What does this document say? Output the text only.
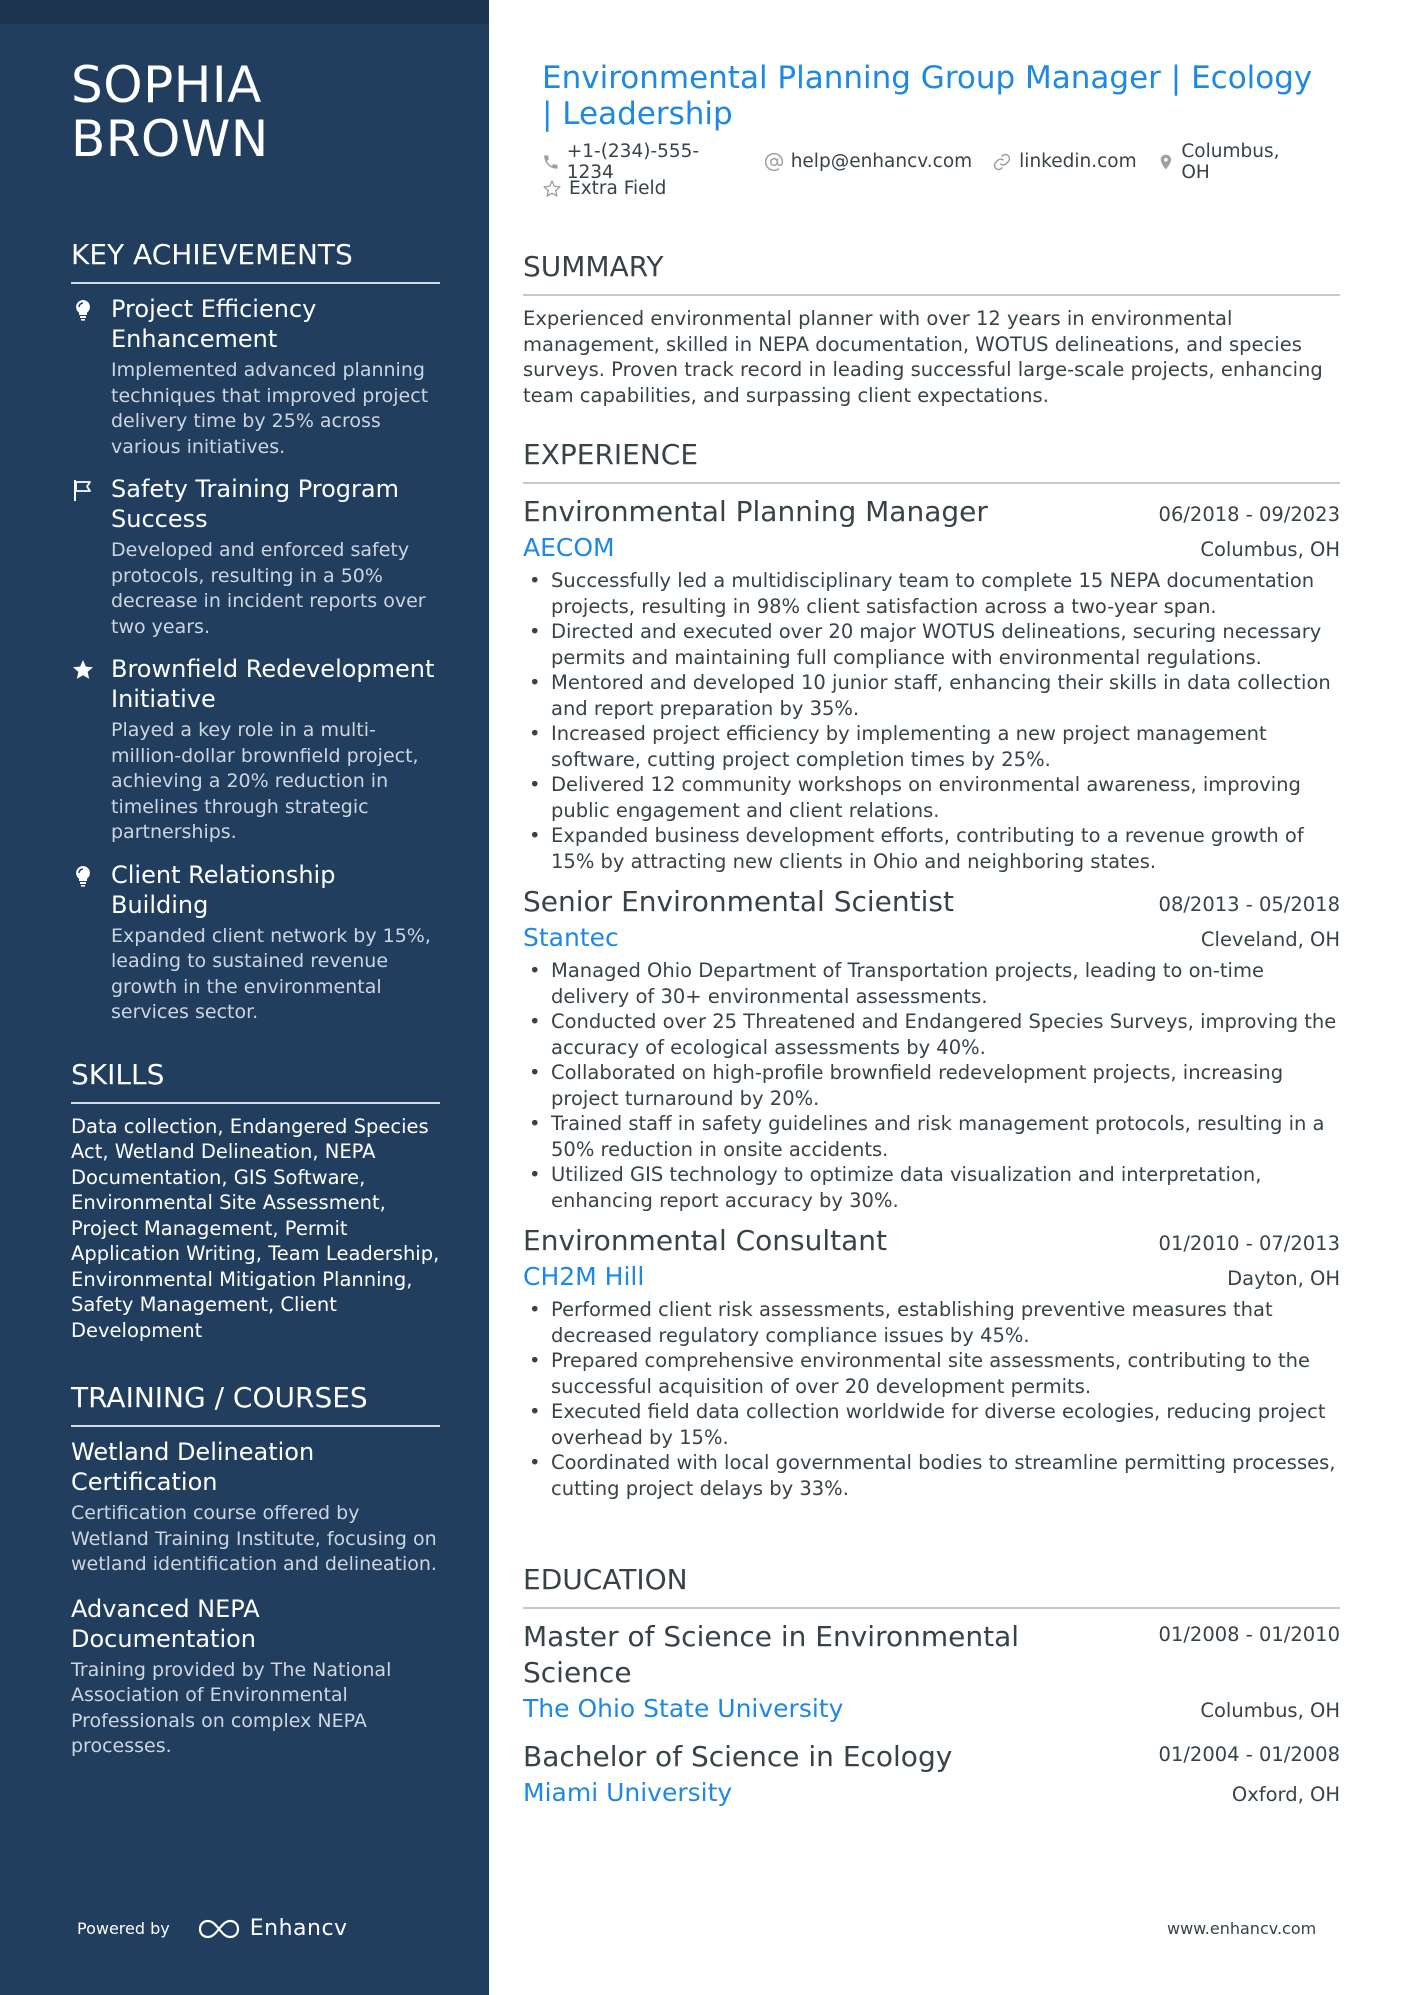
SOPHIA
BROWN
KEY ACHIEVEMENTS
Project Efficiency Enhancement
Implemented advanced planning techniques that improved project delivery time by 25% across various initiatives.
Safety Training Program Success
Developed and enforced safety protocols, resulting in a 50% decrease in incident reports over two years.
Brownfield Redevelopment Initiative
Played a key role in a multi-million-dollar brownfield project, achieving a 20% reduction in timelines through strategic partnerships.
Client Relationship Building
Expanded client network by 15%, leading to sustained revenue growth in the environmental services sector.
SKILLS
Data collection, Endangered Species Act, Wetland Delineation, NEPA Documentation, GIS Software, Environmental Site Assessment, Project Management, Permit Application Writing, Team Leadership, Environmental Mitigation Planning, Safety Management, Client Development
TRAINING / COURSES
Wetland Delineation Certification
Certification course offered by Wetland Training Institute, focusing on wetland identification and delineation.
Advanced NEPA Documentation
Training provided by The National Association of Environmental Professionals on complex NEPA processes.
Powered by	Enhancv
Environmental Planning Group Manager | Ecology | Leadership
+1-(234)-555-1234	help@enhancv.com	linkedin.com Columbus, OH
Extra Field
SUMMARY

Experienced environmental planner with over 12 years in environmental management, skilled in NEPA documentation, WOTUS delineations, and species surveys. Proven track record in leading successful large-scale projects, enhancing team capabilities, and surpassing client expectations.

EXPERIENCE
Environmental Planning Manager	06/2018 - 09/2023
AECOM	Columbus, OH
• Successfully led a multidisciplinary team to complete 15 NEPA documentation projects, resulting in 98% client satisfaction across a two-year span.
• Directed and executed over 20 major WOTUS delineations, securing necessary permits and maintaining full compliance with environmental regulations.
• Mentored and developed 10 junior staff, enhancing their skills in data collection and report preparation by 35%.
• Increased project efficiency by implementing a new project management software, cutting project completion times by 25%.
• Delivered 12 community workshops on environmental awareness, improving public engagement and client relations.
• Expanded business development efforts, contributing to a revenue growth of 15% by attracting new clients in Ohio and neighboring states.
Senior Environmental Scientist	08/2013 - 05/2018
Stantec	Cleveland, OH
• Managed Ohio Department of Transportation projects, leading to on-time delivery of 30+ environmental assessments.
• Conducted over 25 Threatened and Endangered Species Surveys, improving the accuracy of ecological assessments by 40%.
• Collaborated on high-profile brownfield redevelopment projects, increasing project turnaround by 20%.
• Trained staff in safety guidelines and risk management protocols, resulting in a 50% reduction in onsite accidents.
• Utilized GIS technology to optimize data visualization and interpretation, enhancing report accuracy by 30%.
Environmental Consultant	01/2010 - 07/2013
CH2M Hill	Dayton, OH
• Performed client risk assessments, establishing preventive measures that decreased regulatory compliance issues by 45%.
• Prepared comprehensive environmental site assessments, contributing to the successful acquisition of over 20 development permits.
• Executed field data collection worldwide for diverse ecologies, reducing project overhead by 15%.
• Coordinated with local governmental bodies to streamline permitting processes, cutting project delays by 33%.
EDUCATION
Master of Science in Environmental Science
01/2008 - 01/2010
The Ohio State University	Columbus, OH
Bachelor of Science in Ecology	01/2004 - 01/2008
Miami University	Oxford, OH
www.enhancv.com
